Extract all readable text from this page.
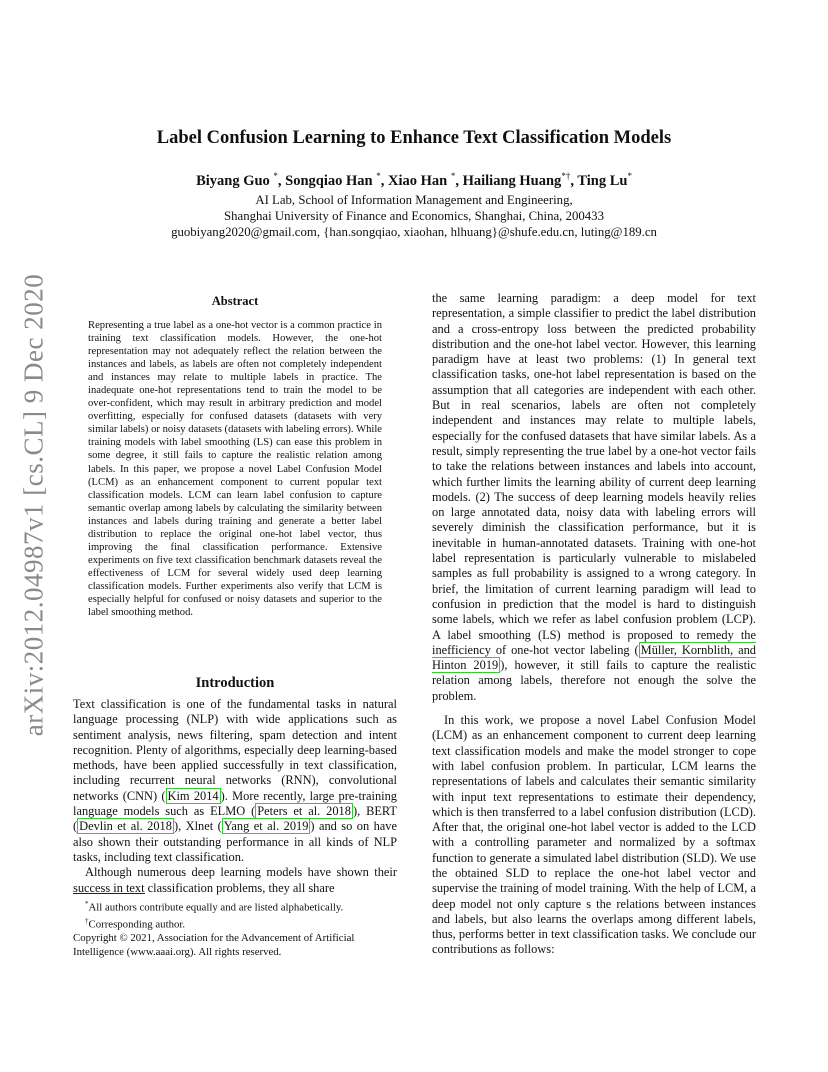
arXiv:2012.04987v1 [cs.CL] 9 Dec 2020
Label Confusion Learning to Enhance Text Classification Models
Biyang Guo *, Songqiao Han *, Xiao Han *, Hailiang Huang*†, Ting Lu*
AI Lab, School of Information Management and Engineering,
Shanghai University of Finance and Economics, Shanghai, China, 200433
guobiyang2020@gmail.com, {han.songqiao, xiaohan, hlhuang}@shufe.edu.cn, luting@189.cn
Abstract
Representing a true label as a one-hot vector is a common practice in training text classification models. However, the one-hot representation may not adequately reflect the relation between the instances and labels, as labels are often not completely independent and instances may relate to multiple labels in practice. The inadequate one-hot representations tend to train the model to be over-confident, which may result in arbitrary prediction and model overfitting, especially for confused datasets (datasets with very similar labels) or noisy datasets (datasets with labeling errors). While training models with label smoothing (LS) can ease this problem in some degree, it still fails to capture the realistic relation among labels. In this paper, we propose a novel Label Confusion Model (LCM) as an enhancement component to current popular text classification models. LCM can learn label confusion to capture semantic overlap among labels by calculating the similarity between instances and labels during training and generate a better label distribution to replace the original one-hot label vector, thus improving the final classification performance. Extensive experiments on five text classification benchmark datasets reveal the effectiveness of LCM for several widely used deep learning classification models. Further experiments also verify that LCM is especially helpful for confused or noisy datasets and superior to the label smoothing method.
Introduction

Text classification is one of the fundamental tasks in natural language processing (NLP) with wide applications such as sentiment analysis, news filtering, spam detection and intent recognition. Plenty of algorithms, especially deep learning-based methods, have been applied successfully in text classification, including recurrent neural networks (RNN), convolutional networks (CNN) ( Kim 2014 ). More recently, large pre-training language models such as ELMO ( Peters et al. 2018 ), BERT ( Devlin et al. 2018 ), Xlnet ( Yang et al. 2019 ) and so on have also shown their outstanding performance in all kinds of NLP tasks, including text classification.

Although numerous deep learning models have shown their success in text classification problems, they all share

*All authors contribute equally and are listed alphabetically.
†Corresponding author.
Copyright © 2021, Association for the Advancement of Artificial Intelligence (www.aaai.org). All rights reserved.

the same learning paradigm: a deep model for text representation, a simple classifier to predict the label distribution and a cross-entropy loss between the predicted probability distribution and the one-hot label vector. However, this learning paradigm have at least two problems: (1) In general text classification tasks, one-hot label representation is based on the assumption that all categories are independent with each other. But in real scenarios, labels are often not completely independent and instances may relate to multiple labels, especially for the confused datasets that have similar labels. As a result, simply representing the true label by a one-hot vector fails to take the relations between instances and labels into account, which further limits the learning ability of current deep learning models. (2) The success of deep learning models heavily relies on large annotated data, noisy data with labeling errors will severely diminish the classification performance, but it is inevitable in human-annotated datasets. Training with one-hot label representation is particularly vulnerable to mislabeled samples as full probability is assigned to a wrong category. In brief, the limitation of current learning paradigm will lead to confusion in prediction that the model is hard to distinguish some labels, which we refer as label confusion problem (LCP). A label smoothing (LS) method is proposed to remedy the inefficiency of one-hot vector labeling ( Müller, Kornblith, and Hinton 2019 ), however, it still fails to capture the realistic relation among labels, therefore not enough the solve the problem.

In this work, we propose a novel Label Confusion Model (LCM) as an enhancement component to current deep learning text classification models and make the model stronger to cope with label confusion problem. In particular, LCM learns the representations of labels and calculates their semantic similarity with input text representations to estimate their dependency, which is then transferred to a label confusion distribution (LCD). After that, the original one-hot label vector is added to the LCD with a controlling parameter and normalized by a softmax function to generate a simulated label distribution (SLD). We use the obtained SLD to replace the one-hot label vector and supervise the training of model training. With the help of LCM, a deep model not only capture s the relations between instances and labels, but also learns the overlaps among different labels, thus, performs better in text classification tasks. We conclude our contributions as follows:
